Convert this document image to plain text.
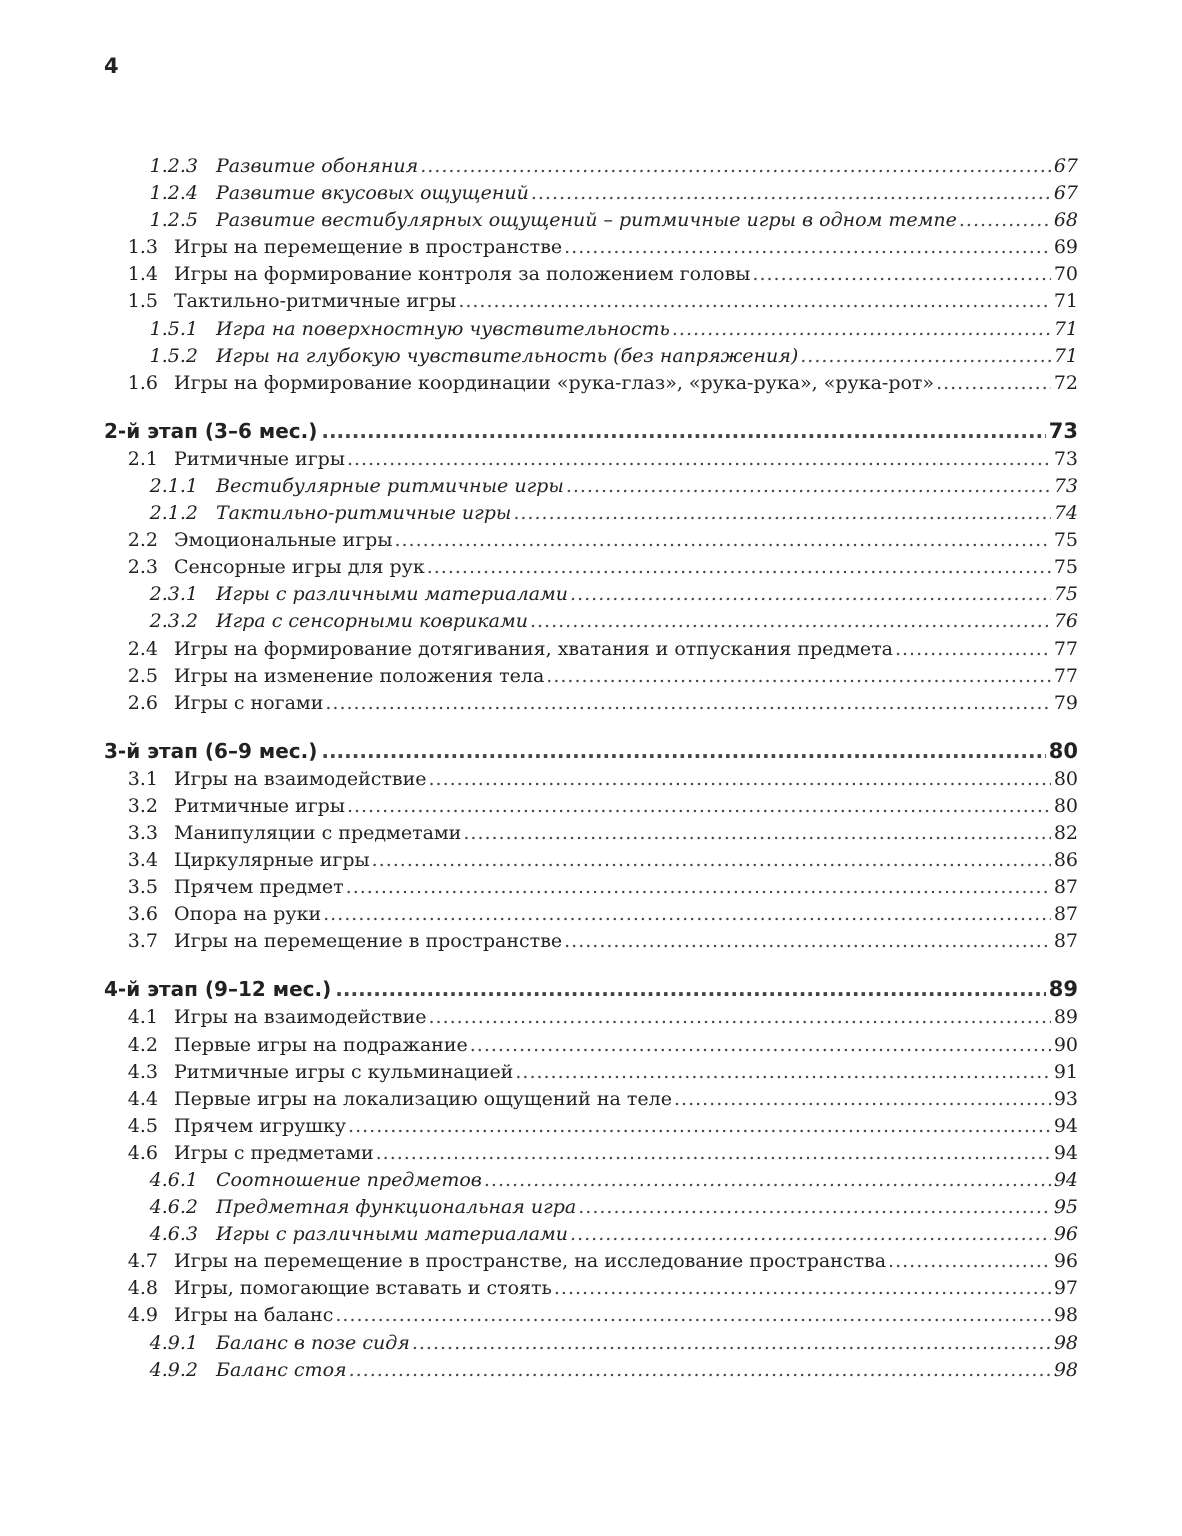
4
1.2.3 Развитие обоняния .....	67
1.2.4 Развитие вкусовых ощущений .....	67
1.2.5 Развитие вестибулярных ощущений – ритмичные игры в одном темпе .....	68
1.3 Игры на перемещение в пространстве .....	69
1.4 Игры на формирование контроля за положением головы .....	70
1.5 Тактильно-ритмичные игры .....	71
1.5.1 Игра на поверхностную чувствительность .....	71
1.5.2 Игры на глубокую чувствительность (без напряжения) .....	71
1.6 Игры на формирование координации «рука-глаз», «рука-рука», «рука-рот» .....	72
2-й этап (3–6 мес.) .....	73
2.1 Ритмичные игры .....	73
2.1.1 Вестибулярные ритмичные игры .....	73
2.1.2 Тактильно-ритмичные игры .....	74
2.2 Эмоциональные игры .....	75
2.3 Сенсорные игры для рук .....	75
2.3.1 Игры с различными материалами .....	75
2.3.2 Игра с сенсорными ковриками .....	76
2.4 Игры на формирование дотягивания, хватания и отпускания предмета .....	77
2.5 Игры на изменение положения тела .....	77
2.6 Игры с ногами .....	79
3-й этап (6–9 мес.) .....	80
3.1 Игры на взаимодействие .....	80
3.2 Ритмичные игры .....	80
3.3 Манипуляции с предметами .....	82
3.4 Циркулярные игры .....	86
3.5 Прячем предмет .....	87
3.6 Опора на руки .....	87
3.7 Игры на перемещение в пространстве .....	87
4-й этап (9–12 мес.) .....	89
4.1 Игры на взаимодействие .....	89
4.2 Первые игры на подражание .....	90
4.3 Ритмичные игры с кульминацией .....	91
4.4 Первые игры на локализацию ощущений на теле .....	93
4.5 Прячем игрушку .....	94
4.6 Игры с предметами .....	94
4.6.1 Соотношение предметов .....	94
4.6.2 Предметная функциональная игра .....	95
4.6.3 Игры с различными материалами .....	96
4.7 Игры на перемещение в пространстве, на исследование пространства .....	96
4.8 Игры, помогающие вставать и стоять .....	97
4.9 Игры на баланс .....	98
4.9.1 Баланс в позе сидя .....	98
4.9.2 Баланс стоя .....	98
